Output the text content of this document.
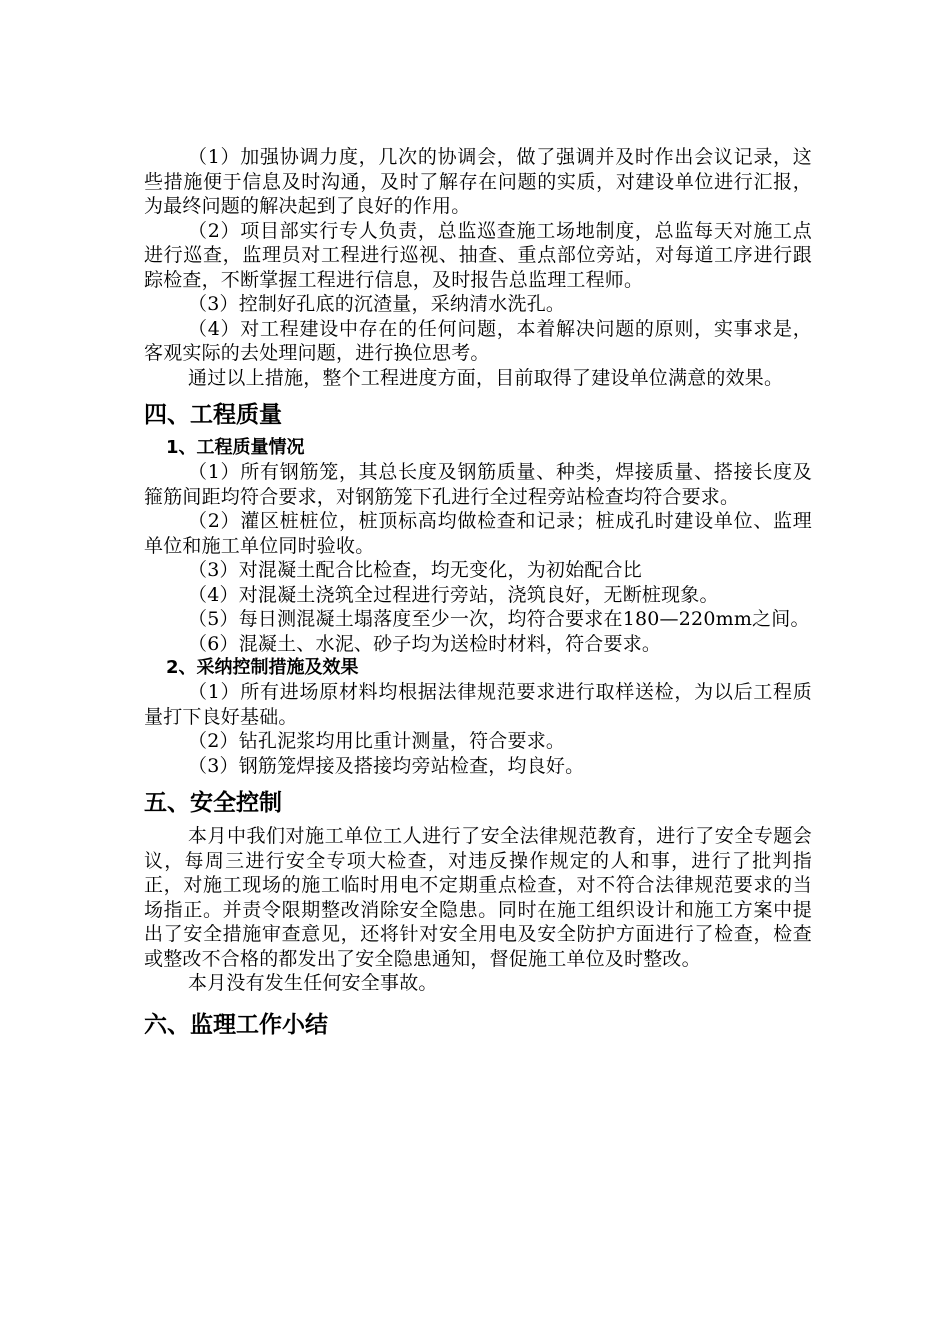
（1）加强协调力度，几次的协调会，做了强调并及时作出会议记录，这些措施便于信息及时沟通，及时了解存在问题的实质，对建设单位进行汇报，为最终问题的解决起到了良好的作用。

（2）项目部实行专人负责，总监巡查施工场地制度，总监每天对施工点进行巡查，监理员对工程进行巡视、抽查、重点部位旁站，对每道工序进行跟踪检查，不断掌握工程进行信息，及时报告总监理工程师。

（3）控制好孔底的沉渣量，采纳清水洗孔。

（4）对工程建设中存在的任何问题，本着解决问题的原则，实事求是，客观实际的去处理问题，进行换位思考。

通过以上措施，整个工程进度方面，目前取得了建设单位满意的效果。

四、工程质量
1、工程质量情况

（1）所有钢筋笼，其总长度及钢筋质量、种类，焊接质量、搭接长度及箍筋间距均符合要求，对钢筋笼下孔进行全过程旁站检查均符合要求。

（2）灌区桩桩位，桩顶标高均做检查和记录；桩成孔时建设单位、监理单位和施工单位同时验收。

（3）对混凝土配合比检查，均无变化，为初始配合比

（4）对混凝土浇筑全过程进行旁站，浇筑良好，无断桩现象。

（5）每日测混凝土塌落度至少一次，均符合要求在180—220mm之间。

（6）混凝土、水泥、砂子均为送检时材料，符合要求。

2、采纳控制措施及效果

（1）所有进场原材料均根据法律规范要求进行取样送检，为以后工程质量打下良好基础。

（2）钻孔泥浆均用比重计测量，符合要求。

（3）钢筋笼焊接及搭接均旁站检查，均良好。

五、安全控制

本月中我们对施工单位工人进行了安全法律规范教育，进行了安全专题会议，每周三进行安全专项大检查，对违反操作规定的人和事，进行了批判指正，对施工现场的施工临时用电不定期重点检查，对不符合法律规范要求的当场指正。并责令限期整改消除安全隐患。同时在施工组织设计和施工方案中提出了安全措施审查意见，还将针对安全用电及安全防护方面进行了检查，检查或整改不合格的都发出了安全隐患通知，督促施工单位及时整改。

本月没有发生任何安全事故。

六、监理工作小结
